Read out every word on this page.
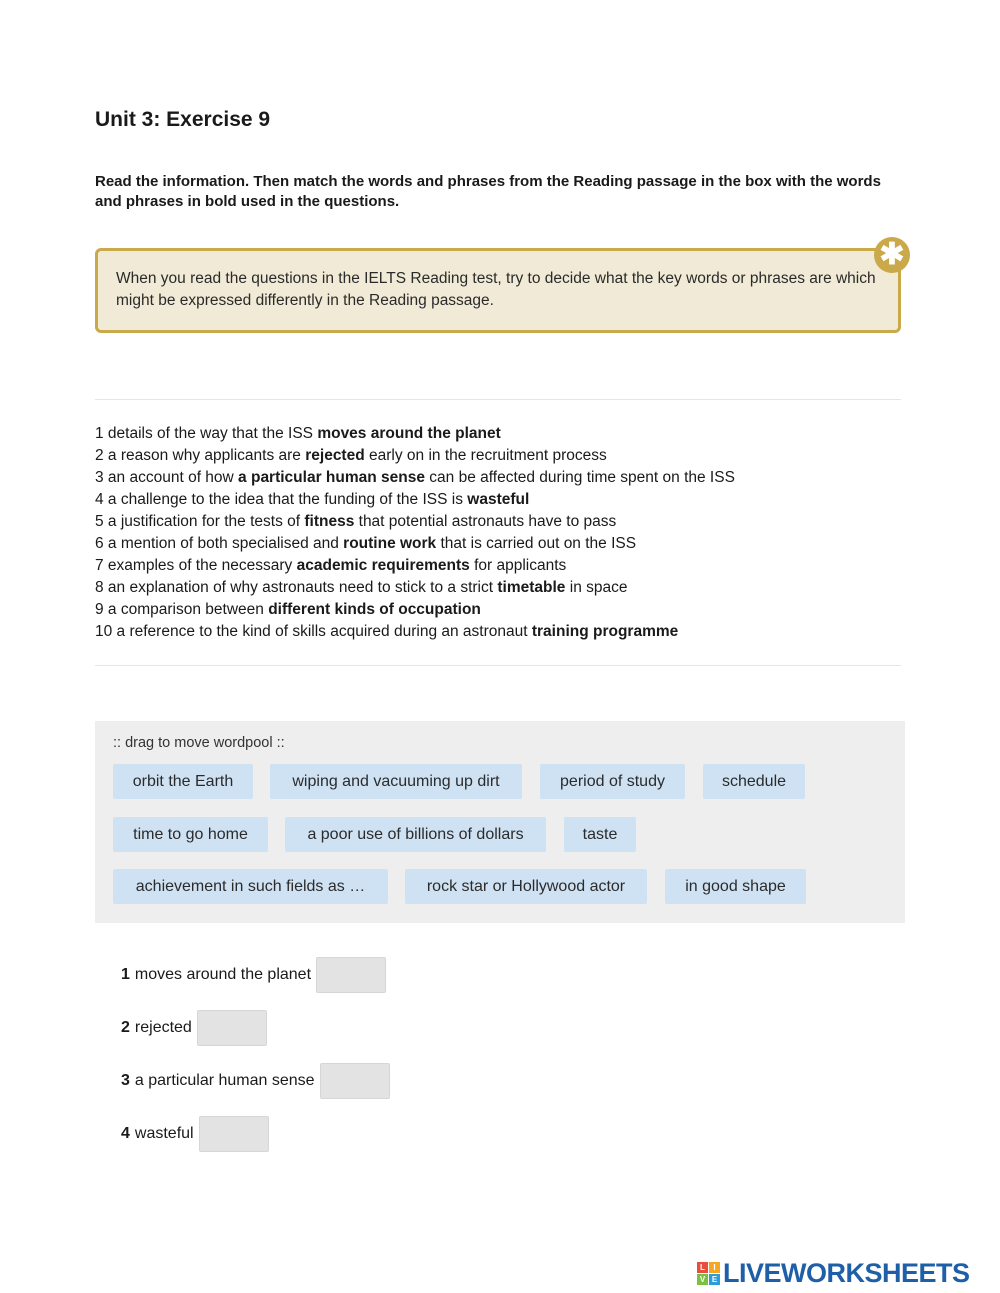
Unit 3: Exercise 9
Read the information. Then match the words and phrases from the Reading passage in the box with the words and phrases in bold used in the questions.
When you read the questions in the IELTS Reading test, try to decide what the key words or phrases are which might be expressed differently in the Reading passage.
✱
1 details of the way that the ISS moves around the planet
2 a reason why applicants are rejected early on in the recruitment process
3 an account of how a particular human sense can be affected during time spent on the ISS
4 a challenge to the idea that the funding of the ISS is wasteful
5 a justification for the tests of fitness that potential astronauts have to pass
6 a mention of both specialised and routine work that is carried out on the ISS
7 examples of the necessary academic requirements for applicants
8 an explanation of why astronauts need to stick to a strict timetable in space
9 a comparison between different kinds of occupation
10 a reference to the kind of skills acquired during an astronaut training programme
:: drag to move wordpool ::
orbit the Earth	wiping and vacuuming up dirt	period of study	schedule
time to go home	a poor use of billions of dollars	taste
achievement in such fields as …	rock star or Hollywood actor	in good shape
1 moves around the planet
2 rejected
3 a particular human sense
4 wasteful
L	I
V E LIVEWORKSHEETS
